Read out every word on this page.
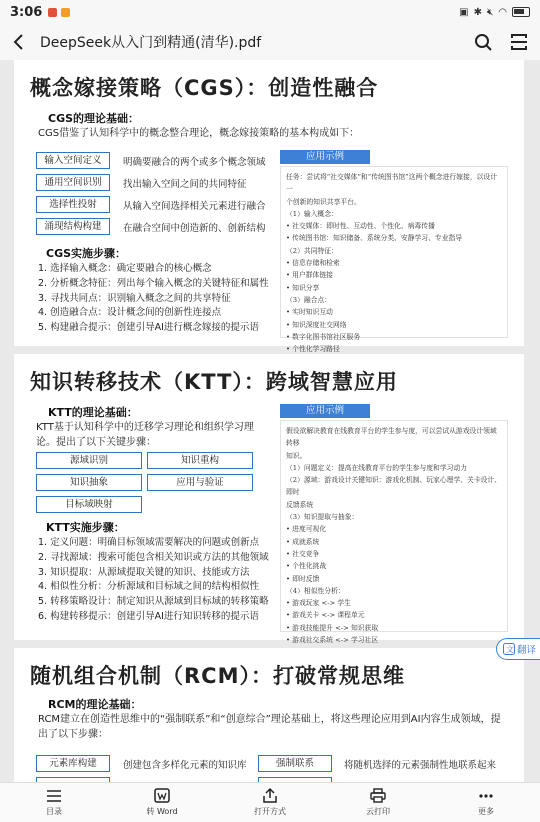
3:06	▣ ✱ 🔇︎ ◠
DeepSeek从入门到精通(清华).pdf
概念嫁接策略（CGS）：创造性融合
CGS的理论基础：
CGS借鉴了认知科学中的概念整合理论，概念嫁接策略的基本构成如下：
输入空间定义	明确要融合的两个或多个概念领域
通用空间识别	找出输入空间之间的共同特征
选择性投射	从输入空间选择相关元素进行融合
涌现结构构建	在融合空间中创造新的、创新结构
CGS实施步骤：
1. 选择输入概念：确定要融合的核心概念
2. 分析概念特征：列出每个输入概念的关键特征和属性
3. 寻找共同点：识别输入概念之间的共享特征
4. 创造融合点：设计概念间的创新性连接点
5. 构建融合提示：创建引导AI进行概念嫁接的提示语
应用示例
任务：尝试将“社交媒体”和“传统图书馆”这两个概念进行嫁接，以设计一
个创新的知识共享平台。
（1）输入概念：
• 社交媒体：即时性、互动性、个性化、病毒传播
• 传统图书馆：知识储备、系统分类、安静学习、专业指导
（2）共同特征：
• 信息存储和检索
• 用户群体链接
• 知识分享
（3）融合点：
• 实时知识互动
• 知识深度社交网络
• 数字化图书馆社区服务
• 个性化学习路径
知识转移技术（KTT）：跨域智慧应用
KTT的理论基础：
KTT基于认知科学中的迁移学习理论和组织学习理论。提出了以下关键步骤：
源域识别	知识重构
知识抽象	应用与验证
目标域映射
KTT实施步骤：
1. 定义问题：明确目标领域需要解决的问题或创新点
2. 寻找源域：搜索可能包含相关知识或方法的其他领域
3. 知识提取：从源域提取关键的知识、技能或方法
4. 相似性分析：分析源域和目标域之间的结构相似性
5. 转移策略设计：制定知识从源域到目标域的转移策略
6. 构建转移提示：创建引导AI进行知识转移的提示语
应用示例
假设欲解决教育在线教育平台的学生参与度，可以尝试从游戏设计领域转移
知识。
（1）问题定义：提高在线教育平台的学生参与度和学习动力
（2）源域：游戏设计关键知识：游戏化机制、玩家心理学、关卡设计、即时
反馈系统
（3）知识提取与抽象：
• 进度可视化
• 成就系统
• 社交竞争
• 个性化挑战
• 即时反馈
（4）相似性分析：
• 游戏玩家 <-> 学生
• 游戏关卡 <-> 课程单元
• 游戏技能提升 <-> 知识获取
• 游戏社交系统 <-> 学习社区
随机组合机制（RCM）：打破常规思维
RCM的理论基础：
RCM建立在创造性思维中的“强制联系”和“创意综合”理论基础上，将这些理论应用到AI内容生成领域，提出了以下步骤：
元素库构建	创建包含多样化元素的知识库	强制联系	将随机选择的元素强制性地联系起来
文 翻译
目录	转 Word	打开方式	云打印	更多
